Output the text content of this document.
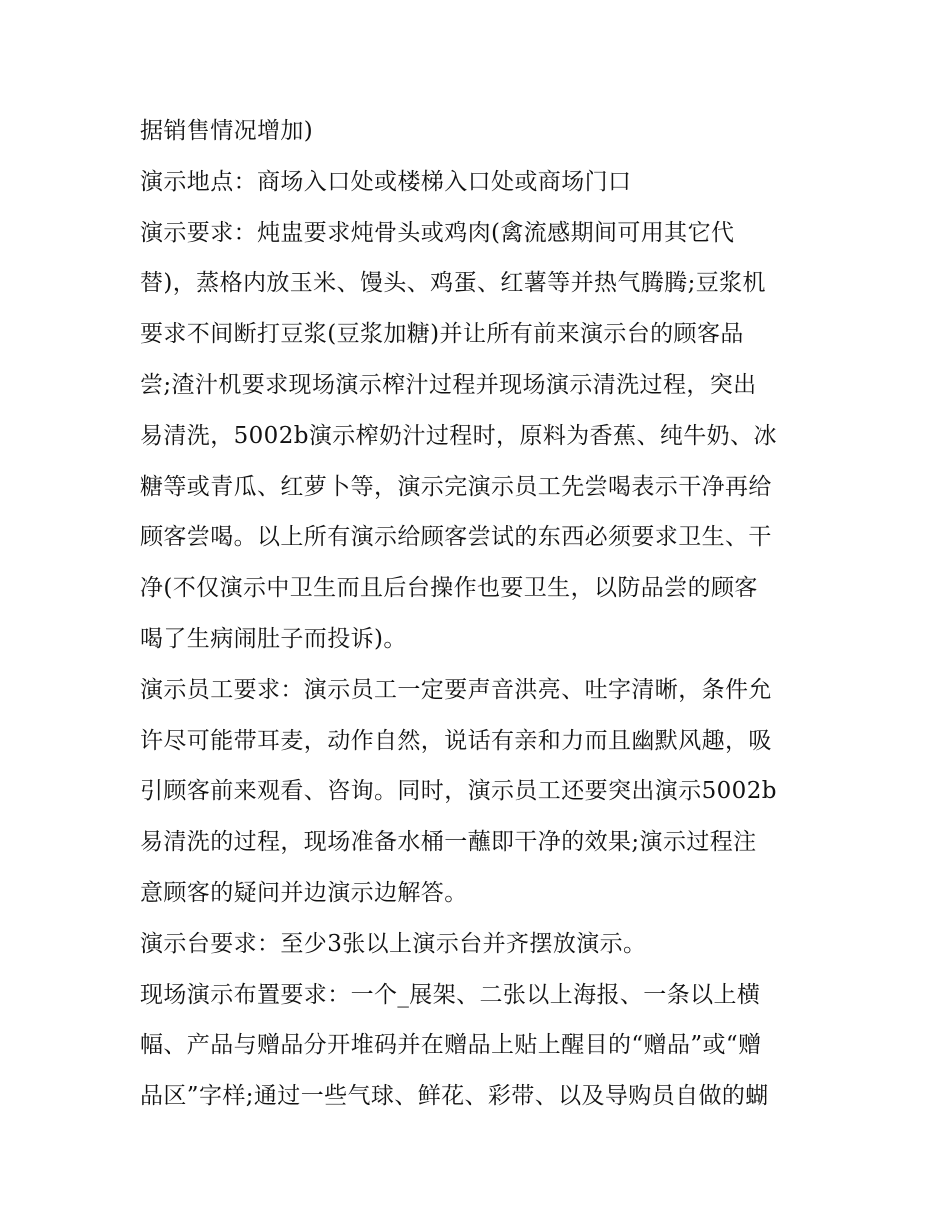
据销售情况增加)
演示地点：商场入口处或楼梯入口处或商场门口
演示要求：炖盅要求炖骨头或鸡肉(禽流感期间可用其它代
替)，蒸格内放玉米、馒头、鸡蛋、红薯等并热气腾腾;豆浆机
要求不间断打豆浆(豆浆加糖)并让所有前来演示台的顾客品
尝;渣汁机要求现场演示榨汁过程并现场演示清洗过程，突出
易清洗，5002b演示榨奶汁过程时，原料为香蕉、纯牛奶、冰
糖等或青瓜、红萝卜等，演示完演示员工先尝喝表示干净再给
顾客尝喝。以上所有演示给顾客尝试的东西必须要求卫生、干
净(不仅演示中卫生而且后台操作也要卫生，以防品尝的顾客
喝了生病闹肚子而投诉)。
演示员工要求：演示员工一定要声音洪亮、吐字清晰，条件允
许尽可能带耳麦，动作自然，说话有亲和力而且幽默风趣，吸
引顾客前来观看、咨询。同时，演示员工还要突出演示5002b
易清洗的过程，现场准备水桶一蘸即干净的效果;演示过程注
意顾客的疑问并边演示边解答。
演示台要求：至少3张以上演示台并齐摆放演示。
现场演示布置要求：一个_展架、二张以上海报、一条以上横
幅、产品与赠品分开堆码并在赠品上贴上醒目的“赠品”或“赠
品区”字样;通过一些气球、鲜花、彩带、以及导购员自做的蝴
